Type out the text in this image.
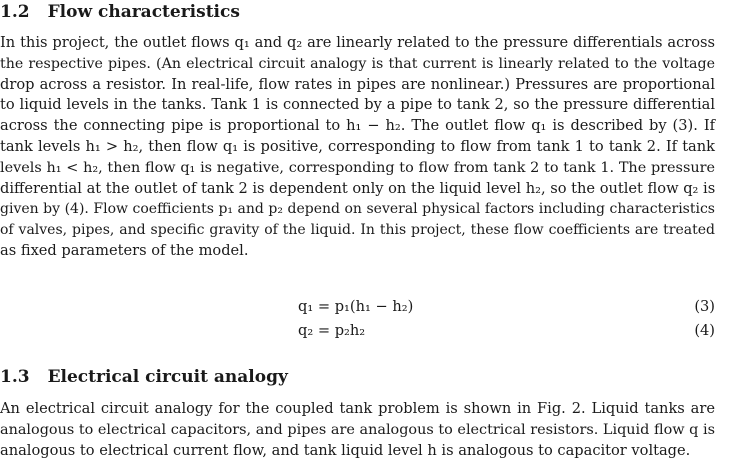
1.2 Flow characteristics
In this project, the outlet flows q₁ and q₂ are linearly related to the pressure differentials across
the respective pipes. (An electrical circuit analogy is that current is linearly related to the voltage
drop across a resistor. In real-life, flow rates in pipes are nonlinear.) Pressures are proportional
to liquid levels in the tanks. Tank 1 is connected by a pipe to tank 2, so the pressure differential
across the connecting pipe is proportional to h₁ − h₂. The outlet flow q₁ is described by (3). If
tank levels h₁ > h₂, then flow q₁ is positive, corresponding to flow from tank 1 to tank 2. If tank
levels h₁ < h₂, then flow q₁ is negative, corresponding to flow from tank 2 to tank 1. The pressure
differential at the outlet of tank 2 is dependent only on the liquid level h₂, so the outlet flow q₂ is
given by (4). Flow coefficients p₁ and p₂ depend on several physical factors including characteristics
of valves, pipes, and specific gravity of the liquid. In this project, these flow coefficients are treated
as fixed parameters of the model.
q₁ = p₁(h₁ − h₂)	(3)
q₂ = p₂h₂	(4)
1.3 Electrical circuit analogy
An electrical circuit analogy for the coupled tank problem is shown in Fig. 2. Liquid tanks are
analogous to electrical capacitors, and pipes are analogous to electrical resistors. Liquid flow q is
analogous to electrical current flow, and tank liquid level h is analogous to capacitor voltage.
